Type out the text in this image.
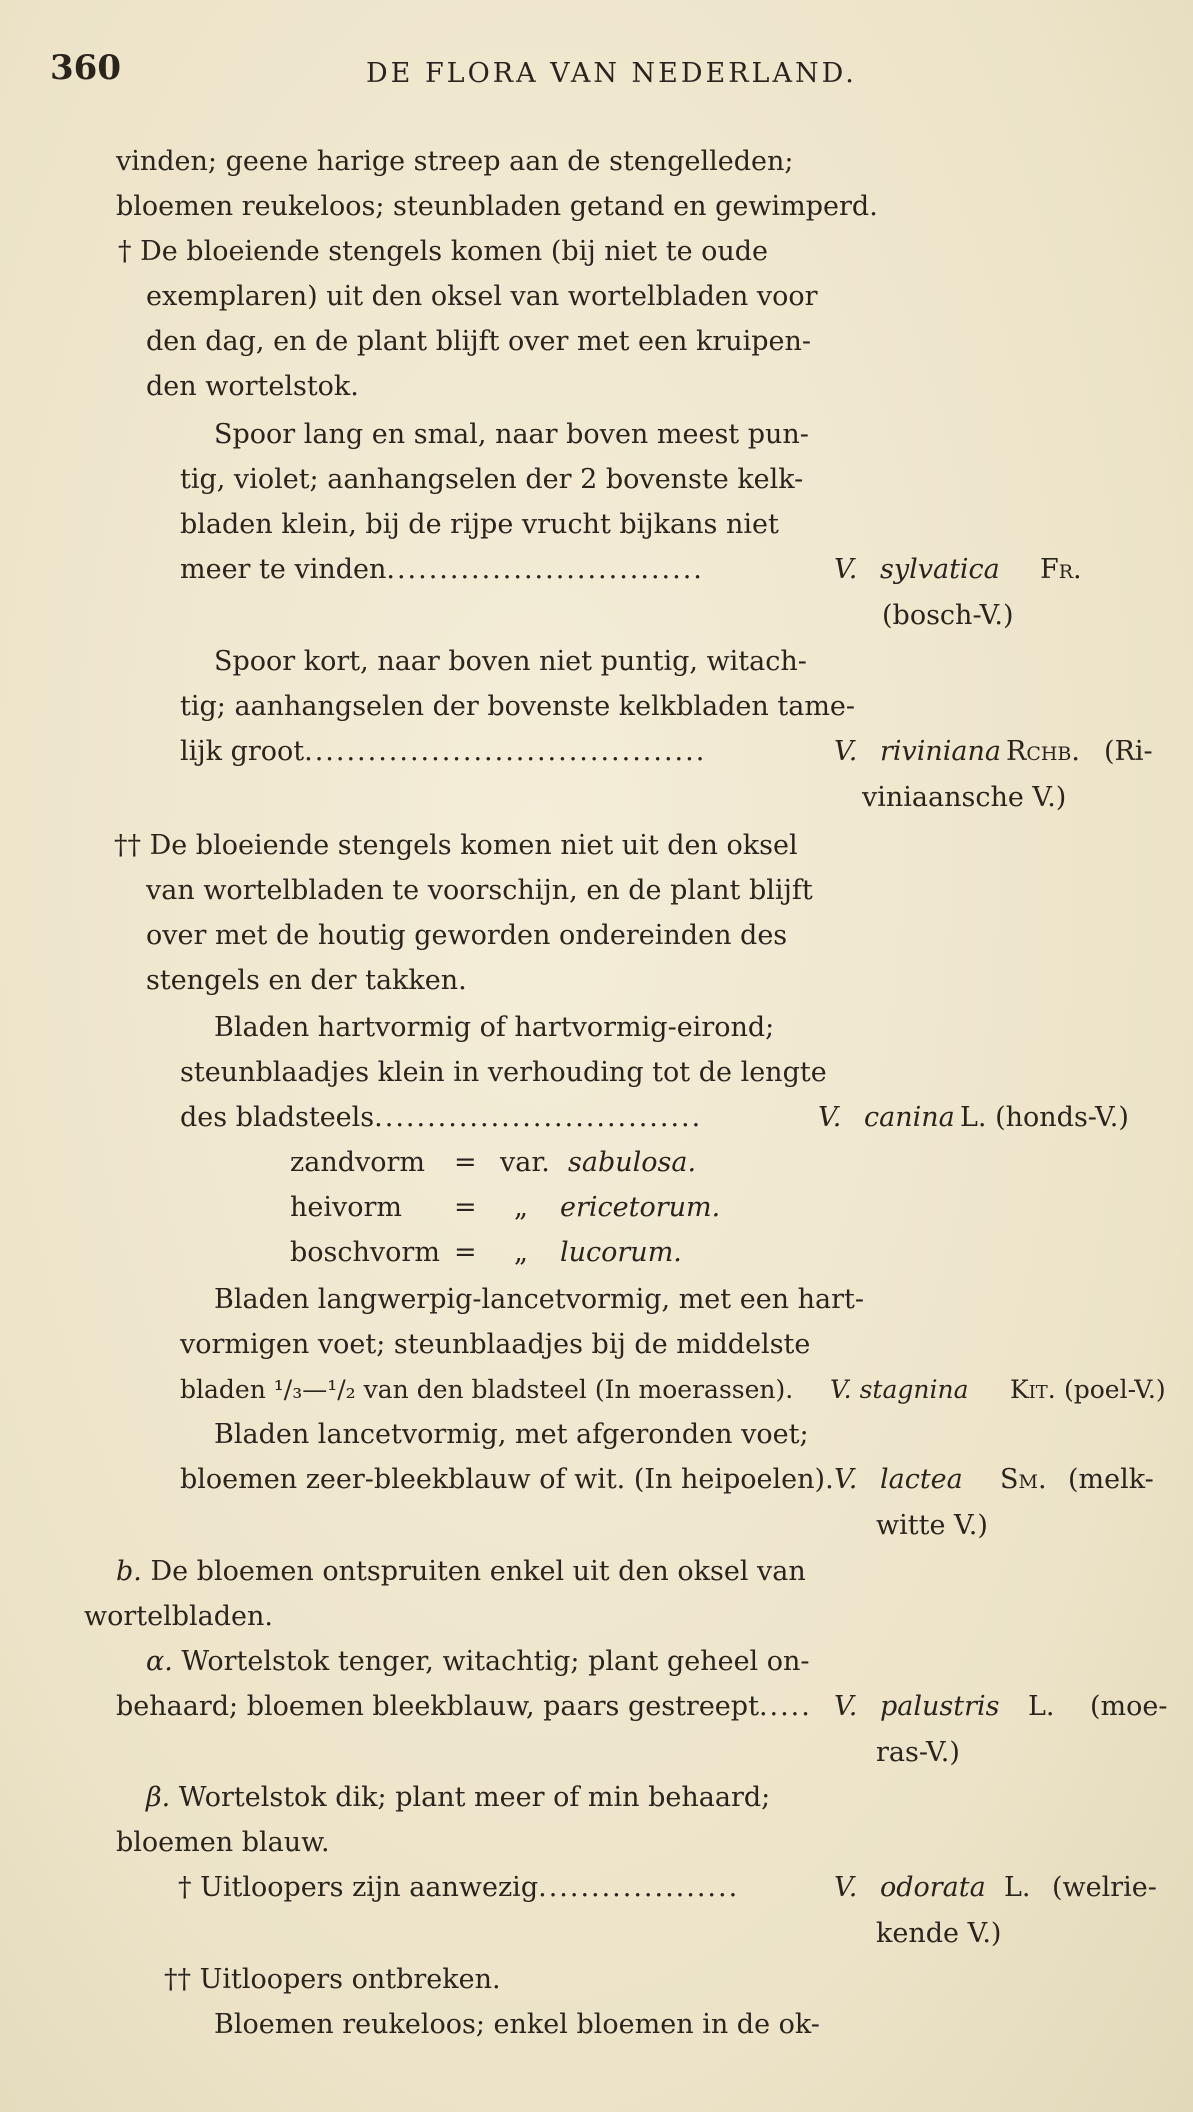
360	DE FLORA VAN NEDERLAND.
vinden; geene harige streep aan de stengelleden;
bloemen reukeloos; steunbladen getand en gewimperd.
† De bloeiende stengels komen (bij niet te oude
exemplaren) uit den oksel van wortelbladen voor
den dag, en de plant blijft over met een kruipen-
den wortelstok.
Spoor lang en smal, naar boven meest pun-
tig, violet; aanhangselen der 2 bovenste kelk-
bladen klein, bij de rijpe vrucht bijkans niet
meer te vinden..............................	V. sylvatica Fr.
(bosch-V.)
Spoor kort, naar boven niet puntig, witach-
tig; aanhangselen der bovenste kelkbladen tame-
lijk groot......................................	V. riviniana Rchb. (Ri-
viniaansche V.)
†† De bloeiende stengels komen niet uit den oksel
van wortelbladen te voorschijn, en de plant blijft
over met de houtig geworden ondereinden des
stengels en der takken.
Bladen hartvormig of hartvormig-eirond;
steunblaadjes klein in verhouding tot de lengte
des bladsteels...............................	V. canina L. (honds-V.)
zandvorm = var. sabulosa.
heivorm = „ ericetorum.
boschvorm = „ lucorum.
Bladen langwerpig-lancetvormig, met een hart-
vormigen voet; steunblaadjes bij de middelste
bladen ¹/₃—¹/₂ van den bladsteel (In moerassen). V. stagnina Kit. (poel-V.)
Bladen lancetvormig, met afgeronden voet;
bloemen zeer-bleekblauw of wit. (In heipoelen). V. lactea Sm. (melk-
witte V.)
b. De bloemen ontspruiten enkel uit den oksel van
wortelbladen.
α. Wortelstok tenger, witachtig; plant geheel on-
behaard; bloemen bleekblauw, paars gestreept..... V. palustris L. (moe-
ras-V.)
β. Wortelstok dik; plant meer of min behaard;
bloemen blauw.
† Uitloopers zijn aanwezig...................	V. odorata L. (welrie-
kende V.)
†† Uitloopers ontbreken.
Bloemen reukeloos; enkel bloemen in de ok-
